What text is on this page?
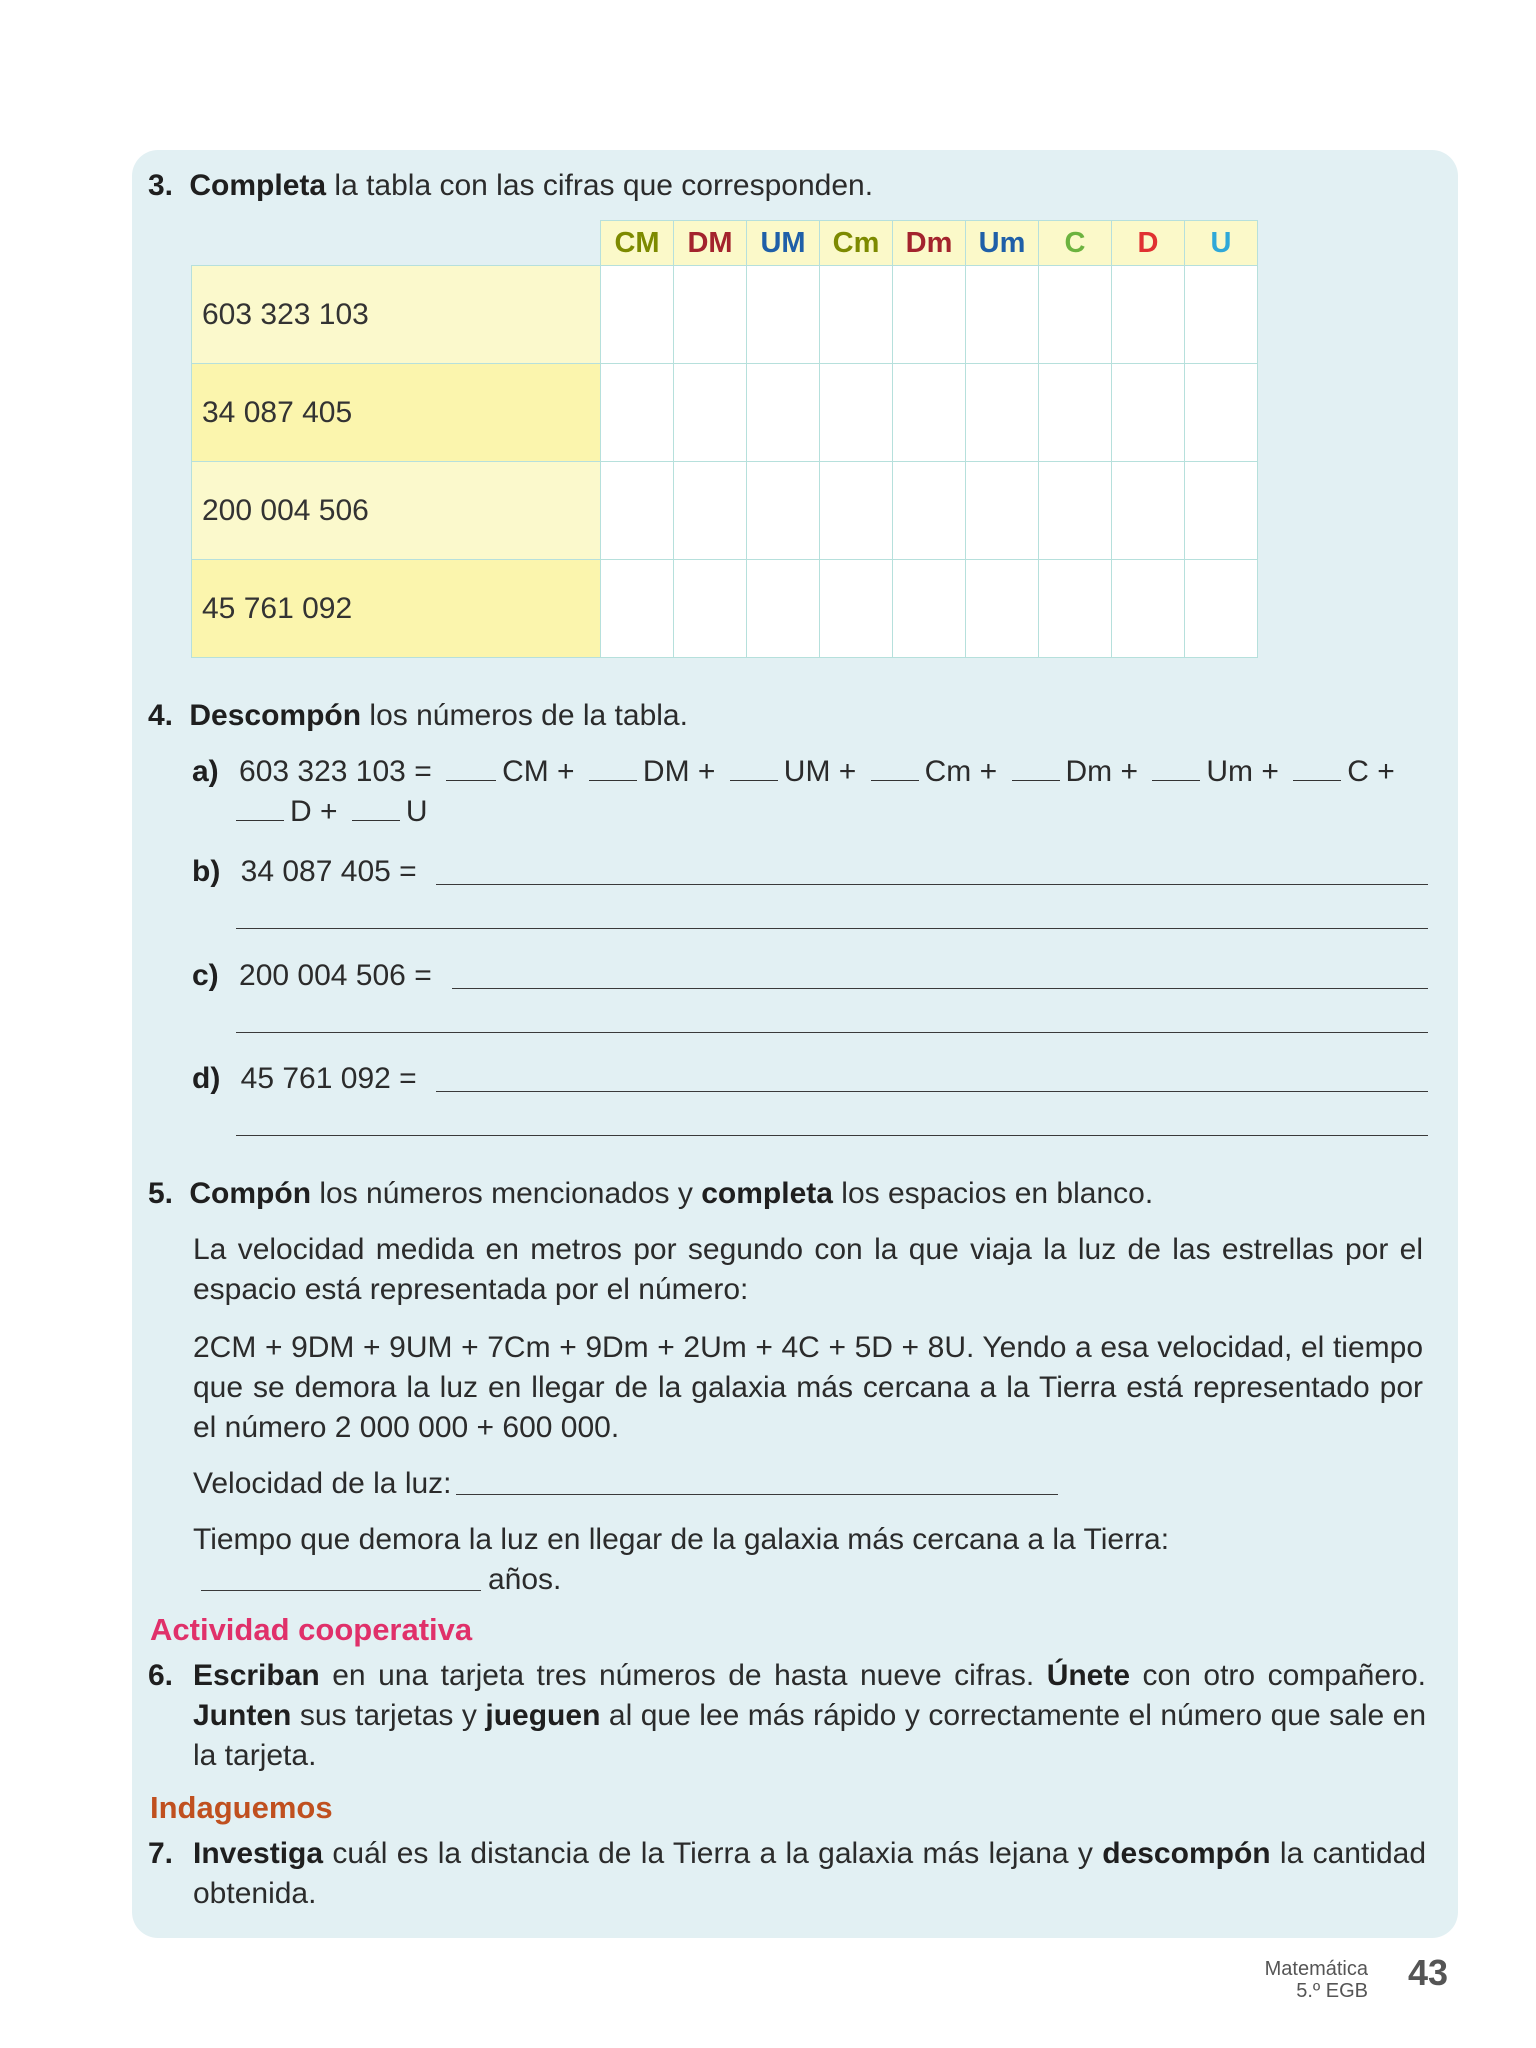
3. Completa la tabla con las cifras que corresponden.
	CM	DM	UM	Cm	Dm	Um	C	D	U
603 323 103									
34 087 405									
200 004 506									
45 761 092									
4. Descompón los números de la tabla.
a) 603 323 103 = CM + DM + UM + Cm + Dm + Um + C +
D + U
b) 34 087 405 =
c) 200 004 506 =
d) 45 761 092 =
5. Compón los números mencionados y completa los espacios en blanco.
La velocidad medida en metros por segundo con la que viaja la luz de las estrellas por el espacio está representada por el número:
2CM + 9DM + 9UM + 7Cm + 9Dm + 2Um + 4C + 5D + 8U. Yendo a esa velocidad, el tiempo que se demora la luz en llegar de la galaxia más cercana a la Tierra está representado por el número 2 000 000 + 600 000.
Velocidad de la luz:
Tiempo que demora la luz en llegar de la galaxia más cercana a la Tierra:
años.
Actividad cooperativa
6. Escriban en una tarjeta tres números de hasta nueve cifras. Únete con otro compañero. Junten sus tarjetas y jueguen al que lee más rápido y correctamente el número que sale en la tarjeta.
Indaguemos
7. Investiga cuál es la distancia de la Tierra a la galaxia más lejana y descompón la cantidad obtenida.
Matemática
5.º EGB 43
